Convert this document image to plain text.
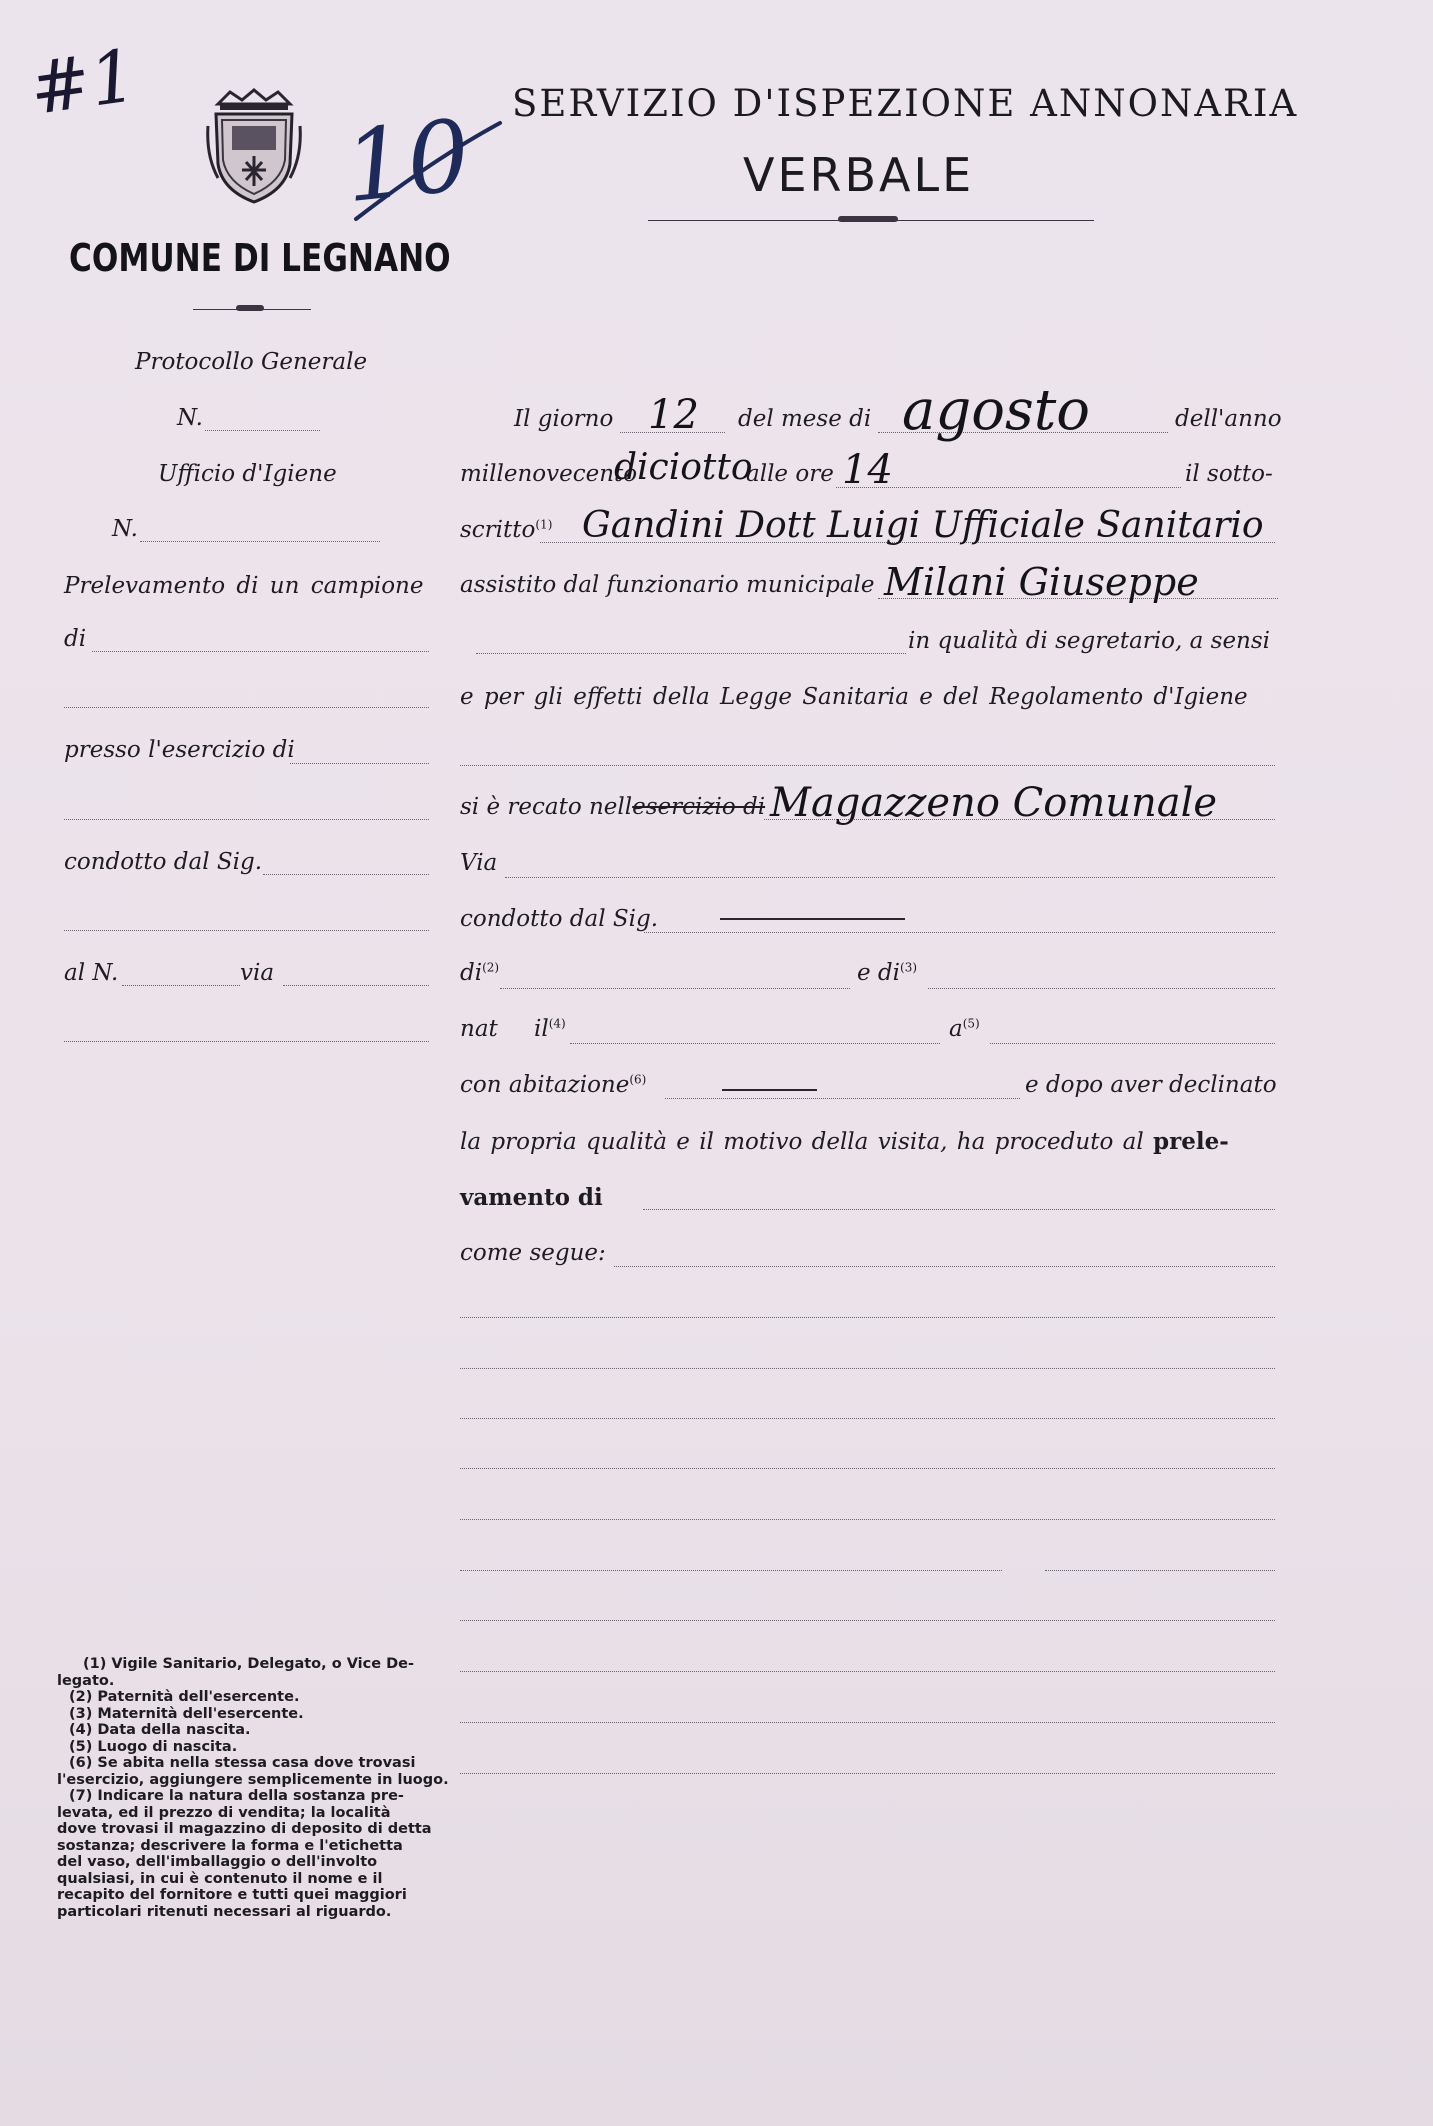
#1
10 SERVIZIO D'ISPEZIONE ANNONARIA
VERBALE
COMUNE DI LEGNANO
Protocollo Generale
N.
Ufficio d'Igiene
N.
Prelevamento di un campione
di
presso l'esercizio di
condotto dal Sig.
al N.	via
Il giorno 12 del mese di agosto	dell'anno
millenovecento
diciotto
alle ore 14	il sotto-
scritto$^{(1)}$ Gandini Dott Luigi Ufficiale Sanitario
assistito dal funzionario municipale Milani Giuseppe
in qualità di segretario, a sensi
e per gli effetti della Legge Sanitaria e del Regolamento d'Igiene
si è recato nellesercizio di Magazzeno Comunale
Via
condotto dal Sig.
$di^{(2)}$	e $di^{(3)}$
nat $il^{(4)}$	$a^{(5)}$
con abitazione$^{(6)}$	e dopo aver declinato
la propria qualità e il motivo della visita, ha proceduto al prele-
vamento di
come segue:
(1) Vigile Sanitario, Delegato, o Vice De-
legato.
(2) Paternità dell'esercente.
(3) Maternità dell'esercente.
(4) Data della nascita.
(5) Luogo di nascita.
(6) Se abita nella stessa casa dove trovasi
l'esercizio, aggiungere semplicemente in luogo.
(7) Indicare la natura della sostanza pre-
levata, ed il prezzo di vendita; la località
dove trovasi il magazzino di deposito di detta
sostanza; descrivere la forma e l'etichetta
del vaso, dell'imballaggio o dell'involto
qualsiasi, in cui è contenuto il nome e il
recapito del fornitore e tutti quei maggiori
particolari ritenuti necessari al riguardo.
